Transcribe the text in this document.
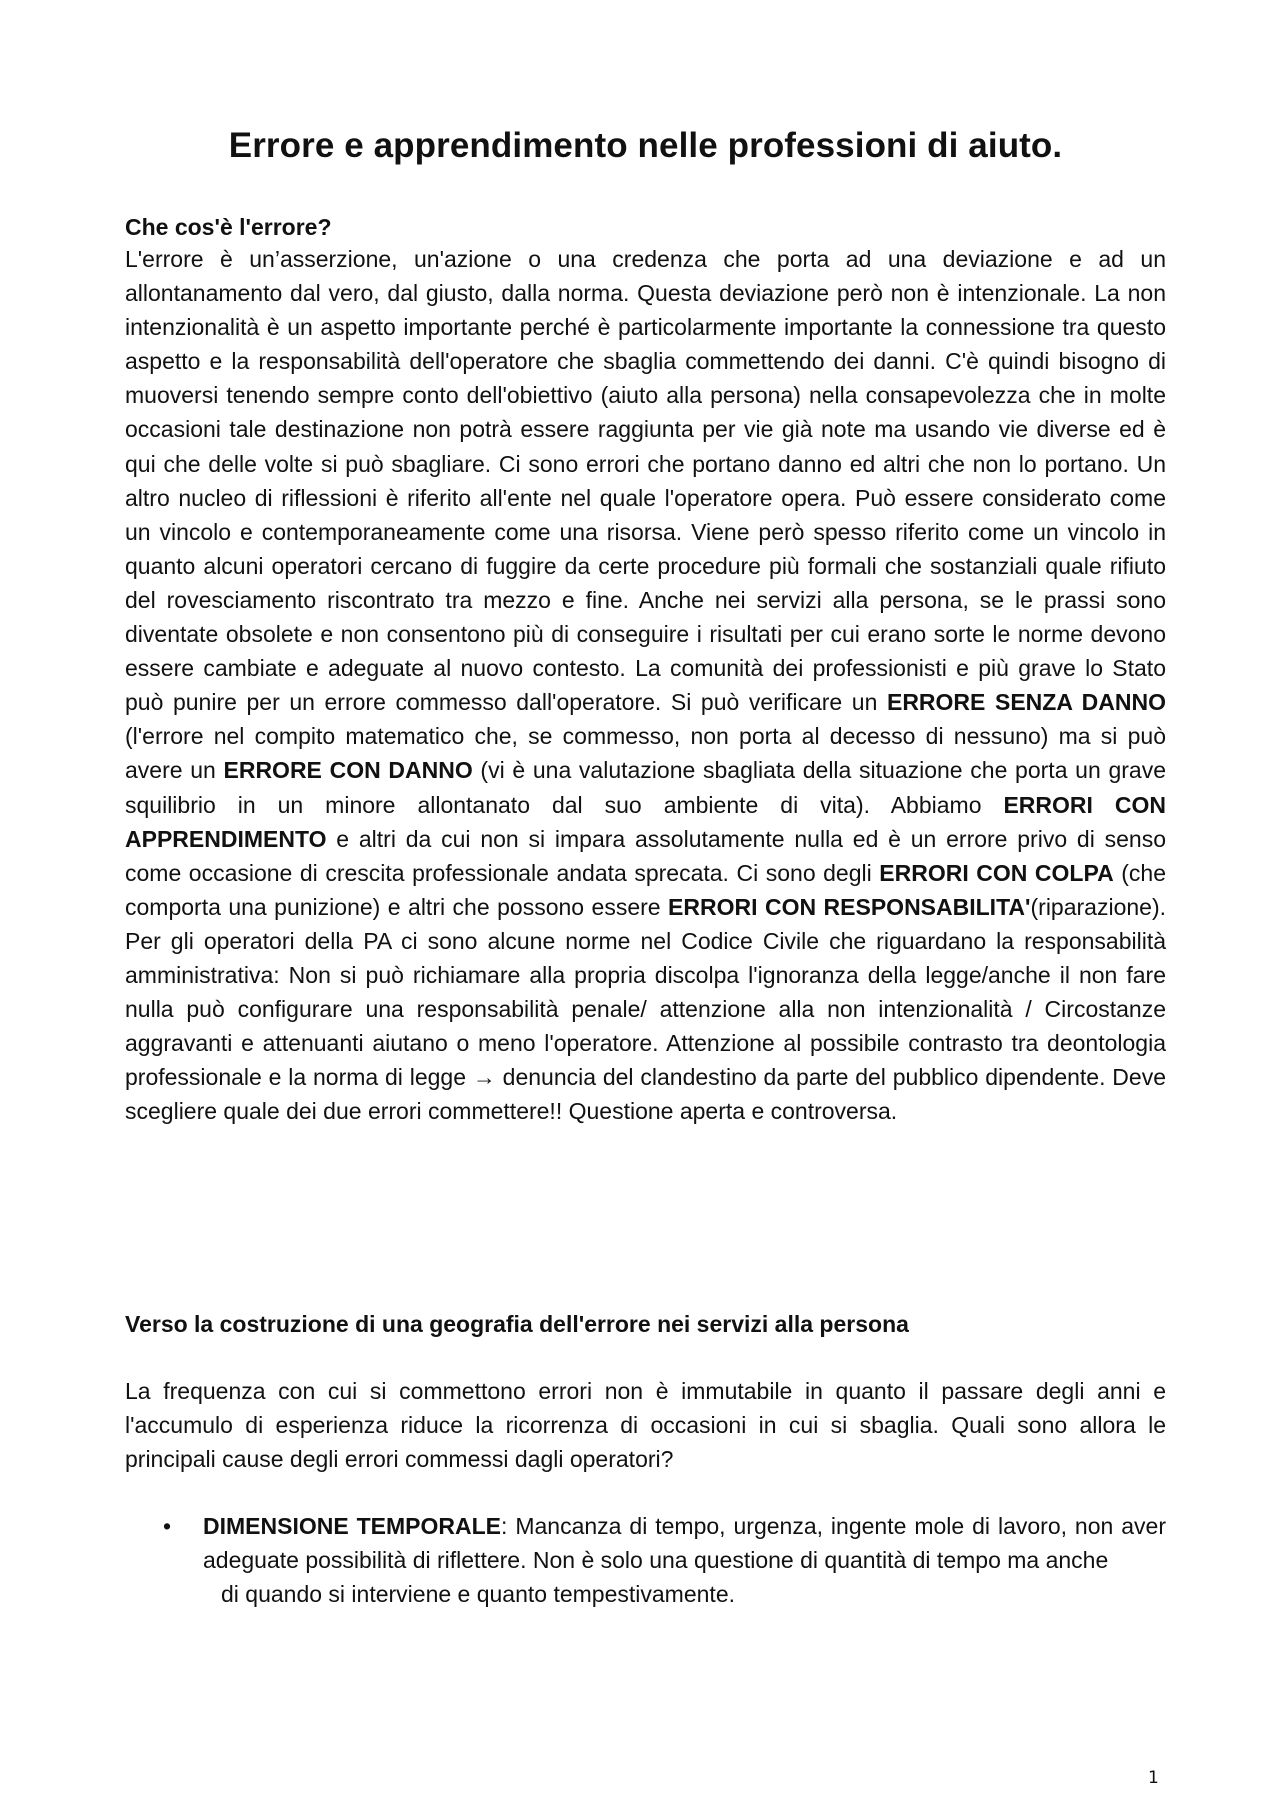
Errore e apprendimento nelle professioni di aiuto.
Che cos'è l'errore?
L'errore è un’asserzione, un'azione o una credenza che porta ad una deviazione e ad un allontanamento dal vero, dal giusto, dalla norma. Questa deviazione però non è intenzionale. La non intenzionalità è un aspetto importante perché è particolarmente importante la connessione tra questo aspetto e la responsabilità dell'operatore che sbaglia commettendo dei danni. C'è quindi bisogno di muoversi tenendo sempre conto dell'obiettivo (aiuto alla persona) nella consapevolezza che in molte occasioni tale destinazione non potrà essere raggiunta per vie già note ma usando vie diverse ed è qui che delle volte si può sbagliare. Ci sono errori che portano danno ed altri che non lo portano. Un altro nucleo di riflessioni è riferito all'ente nel quale l'operatore opera. Può essere considerato come un vincolo e contemporaneamente come una risorsa. Viene però spesso riferito come un vincolo in quanto alcuni operatori cercano di fuggire da certe procedure più formali che sostanziali quale rifiuto del rovesciamento riscontrato tra mezzo e fine. Anche nei servizi alla persona, se le prassi sono diventate obsolete e non consentono più di conseguire i risultati per cui erano sorte le norme devono essere cambiate e adeguate al nuovo contesto. La comunità dei professionisti e più grave lo Stato può punire per un errore commesso dall'operatore. Si può verificare un ERRORE SENZA DANNO (l'errore nel compito matematico che, se commesso, non porta al decesso di nessuno) ma si può avere un ERRORE CON DANNO (vi è una valutazione sbagliata della situazione che porta un grave squilibrio in un minore allontanato dal suo ambiente di vita). Abbiamo ERRORI CON APPRENDIMENTO e altri da cui non si impara assolutamente nulla ed è un errore privo di senso come occasione di crescita professionale andata sprecata. Ci sono degli ERRORI CON COLPA (che comporta una punizione) e altri che possono essere ERRORI CON RESPONSABILITA'(riparazione). Per gli operatori della PA ci sono alcune norme nel Codice Civile che riguardano la responsabilità amministrativa: Non si può richiamare alla propria discolpa l'ignoranza della legge/anche il non fare nulla può configurare una responsabilità penale/ attenzione alla non intenzionalità / Circostanze aggravanti e attenuanti aiutano o meno l'operatore. Attenzione al possibile contrasto tra deontologia professionale e la norma di legge → denuncia del clandestino da parte del pubblico dipendente. Deve scegliere quale dei due errori commettere!! Questione aperta e controversa.
Verso la costruzione di una geografia dell'errore nei servizi alla persona
La frequenza con cui si commettono errori non è immutabile in quanto il passare degli anni e l'accumulo di esperienza riduce la ricorrenza di occasioni in cui si sbaglia. Quali sono allora le principali cause degli errori commessi dagli operatori?
• DIMENSIONE TEMPORALE: Mancanza di tempo, urgenza, ingente mole di lavoro, non aver adeguate possibilità di riflettere. Non è solo una questione di quantità di tempo ma anche
di quando si interviene e quanto tempestivamente.
1
